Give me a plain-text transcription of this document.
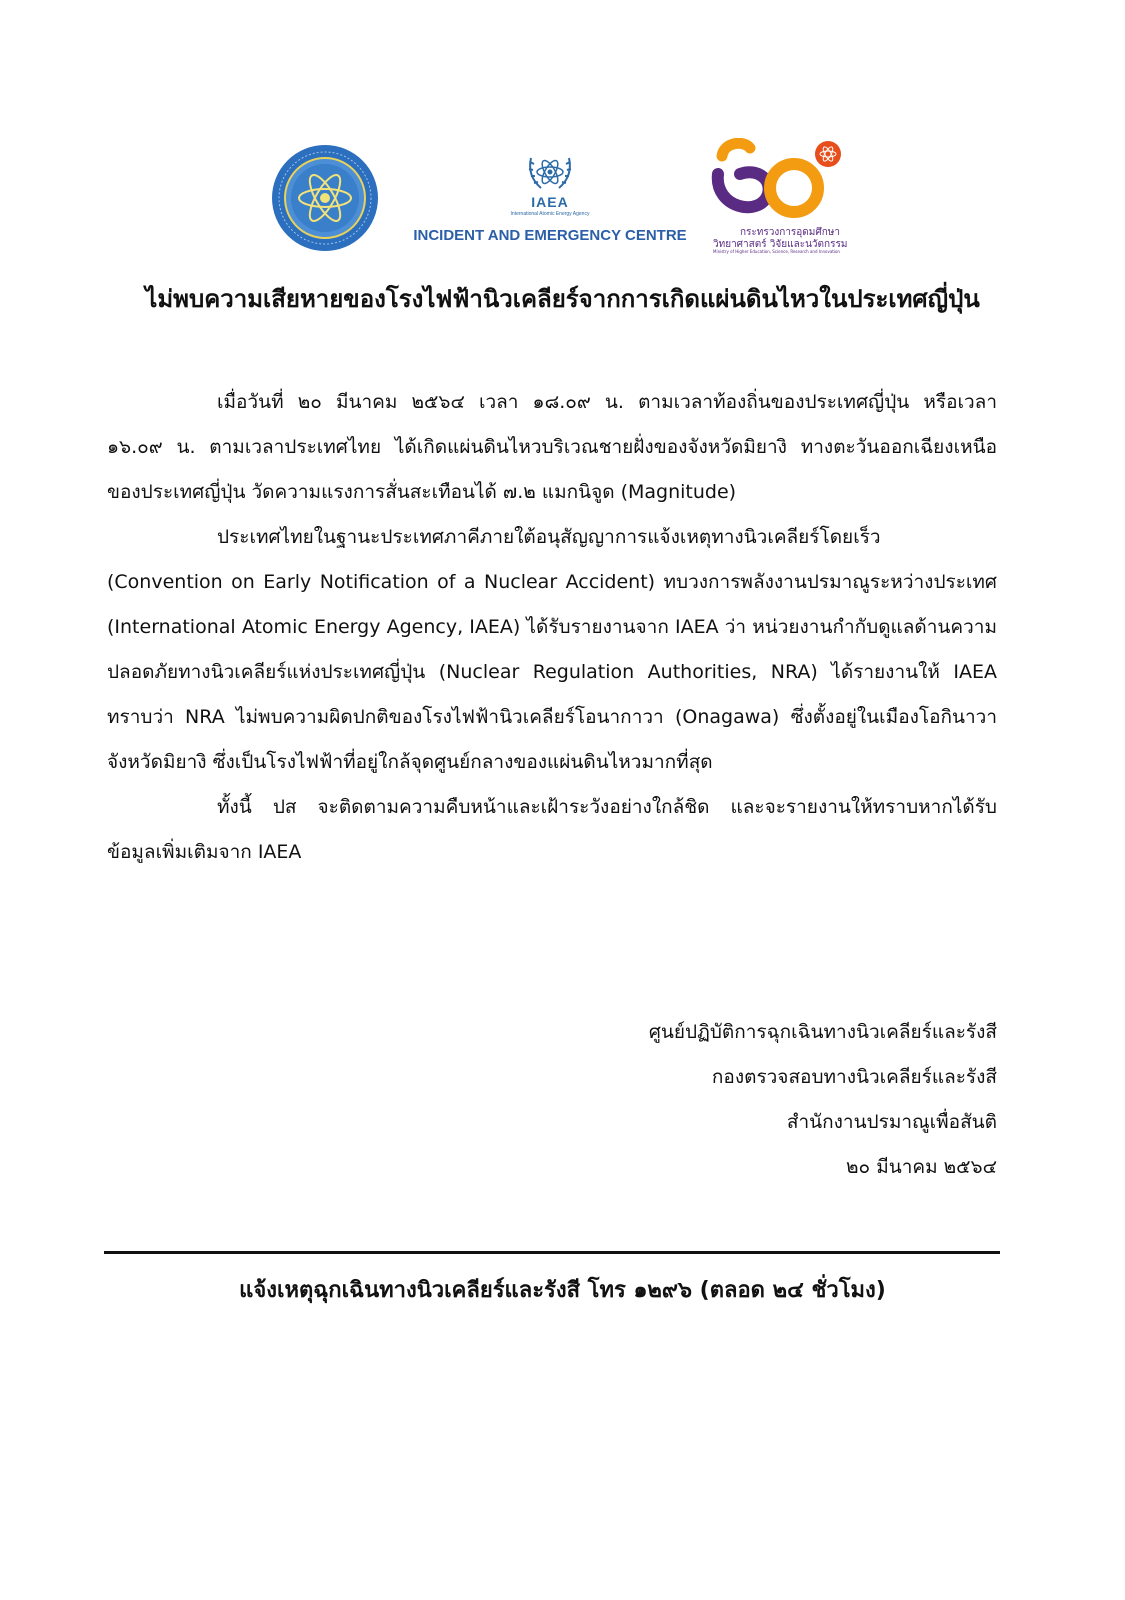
IAEA
International Atomic Energy Agency
INCIDENT AND EMERGENCY CENTRE	กระทรวงการอุดมศึกษา
วิทยาศาสตร์ วิจัยและนวัตกรรม
Ministry of Higher Education, Science, Research and Innovation
ไม่พบความเสียหายของโรงไฟฟ้านิวเคลียร์จากการเกิดแผ่นดินไหวในประเทศญี่ปุ่น
เมื่อวันที่ ๒๐ มีนาคม ๒๕๖๔ เวลา ๑๘.๐๙ น. ตามเวลาท้องถิ่นของประเทศญี่ปุ่น หรือเวลา
๑๖.๐๙ น. ตามเวลาประเทศไทย ได้เกิดแผ่นดินไหวบริเวณชายฝั่งของจังหวัดมิยางิ ทางตะวันออกเฉียงเหนือ
ของประเทศญี่ปุ่น วัดความแรงการสั่นสะเทือนได้ ๗.๒ แมกนิจูด (Magnitude)
ประเทศไทยในฐานะประเทศภาคีภายใต้อนุสัญญาการแจ้งเหตุทางนิวเคลียร์โดยเร็ว
(Convention on Early Notification of a Nuclear Accident) ทบวงการพลังงานปรมาณูระหว่างประเทศ
(International Atomic Energy Agency, IAEA) ได้รับรายงานจาก IAEA ว่า หน่วยงานกำกับดูแลด้านความ
ปลอดภัยทางนิวเคลียร์แห่งประเทศญี่ปุ่น (Nuclear Regulation Authorities, NRA) ได้รายงานให้ IAEA
ทราบว่า NRA ไม่พบความผิดปกติของโรงไฟฟ้านิวเคลียร์โอนากาวา (Onagawa) ซึ่งตั้งอยู่ในเมืองโอกินาวา
จังหวัดมิยางิ ซึ่งเป็นโรงไฟฟ้าที่อยู่ใกล้จุดศูนย์กลางของแผ่นดินไหวมากที่สุด
ทั้งนี้ ปส จะติดตามความคืบหน้าและเฝ้าระวังอย่างใกล้ชิด และจะรายงานให้ทราบหากได้รับ
ข้อมูลเพิ่มเติมจาก IAEA
ศูนย์ปฏิบัติการฉุกเฉินทางนิวเคลียร์และรังสี
กองตรวจสอบทางนิวเคลียร์และรังสี
สำนักงานปรมาณูเพื่อสันติ
๒๐ มีนาคม ๒๕๖๔
แจ้งเหตุฉุกเฉินทางนิวเคลียร์และรังสี โทร ๑๒๙๖ (ตลอด ๒๔ ชั่วโมง)
